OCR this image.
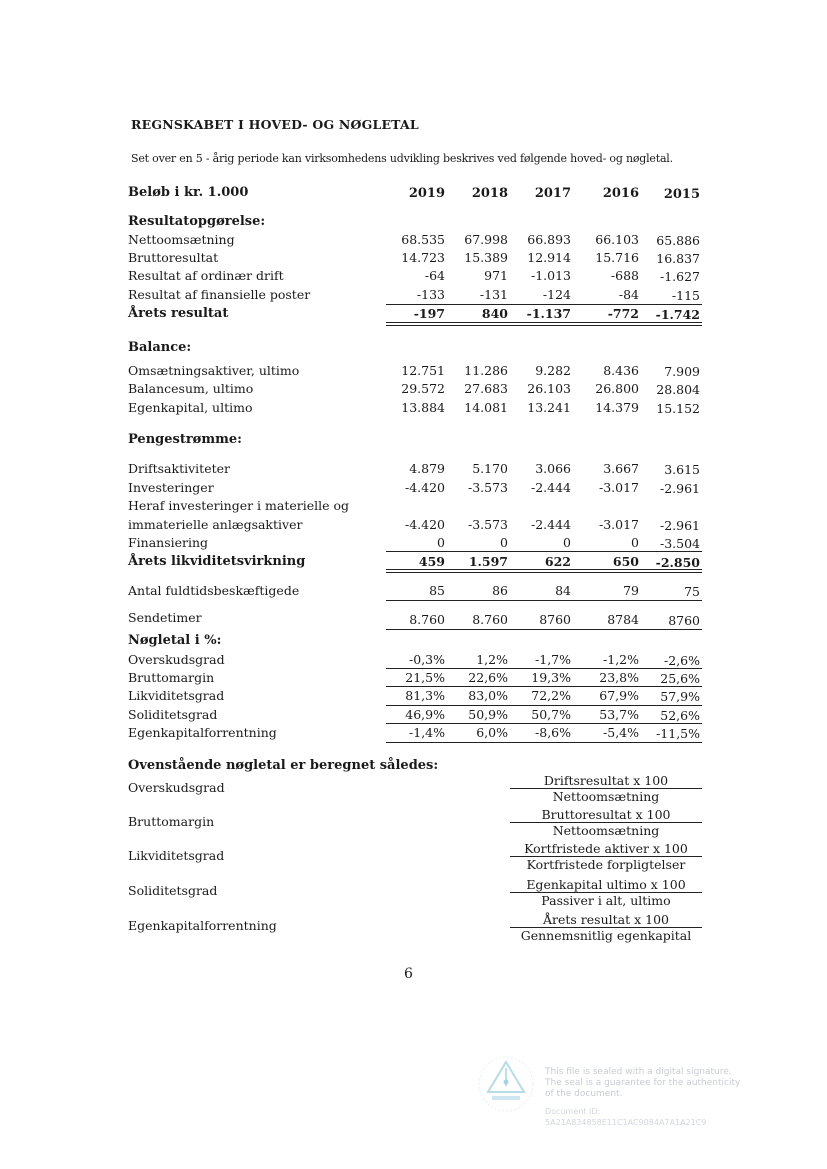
REGNSKABET I HOVED- OG NØGLETAL
Set over en 5 - årig periode kan virksomhedens udvikling beskrives ved følgende hoved- og nøgletal.
Beløb i kr. 1.000	2019	2018	2017	2016	2015
Resultatopgørelse:
Nettoomsætning	68.535	67.998	66.893	66.103	65.886
Bruttoresultat	14.723	15.389	12.914	15.716	16.837
Resultat af ordinær drift	-64	971	-1.013	-688	-1.627
Resultat af finansielle poster	-133	-131	-124	-84	-115
Årets resultat	-197	840	-1.137	-772	-1.742
Balance:
Omsætningsaktiver, ultimo	12.751	11.286	9.282	8.436	7.909
Balancesum, ultimo	29.572	27.683	26.103	26.800	28.804
Egenkapital, ultimo	13.884	14.081	13.241	14.379	15.152
Pengestrømme:
Driftsaktiviteter	4.879	5.170	3.066	3.667	3.615
Investeringer	-4.420	-3.573	-2.444	-3.017	-2.961
Heraf investeringer i materielle og
immaterielle anlægsaktiver	-4.420	-3.573	-2.444	-3.017	-2.961
Finansiering	0	0	0	0	-3.504
Årets likviditetsvirkning	459	1.597	622	650	-2.850
Antal fuldtidsbeskæftigede	85	86	84	79	75
Sendetimer	8.760	8.760	8760	8784	8760
Nøgletal i %:
Overskudsgrad	-0,3%	1,2%	-1,7%	-1,2%	-2,6%
Bruttomargin	21,5%	22,6%	19,3%	23,8%	25,6%
Likviditetsgrad	81,3%	83,0%	72,2%	67,9%	57,9%
Soliditetsgrad	46,9%	50,9%	50,7%	53,7%	52,6%
Egenkapitalforrentning	-1,4%	6,0%	-8,6%	-5,4%	-11,5%
Ovenstående nøgletal er beregnet således:
Overskudsgrad	Driftsresultat x 100
Nettoomsætning
Bruttomargin	Bruttoresultat x 100
Nettoomsætning
Likviditetsgrad	Kortfristede aktiver x 100
Kortfristede forpligtelser
Soliditetsgrad	Egenkapital ultimo x 100
Passiver i alt, ultimo
Egenkapitalforrentning	Årets resultat x 100
Gennemsnitlig egenkapital
6
This file is sealed with a digital signature.
The seal is a guarantee for the authenticity
of the document.
Document ID:
5A21A834858E11C1AC9084A7A1A21C9
